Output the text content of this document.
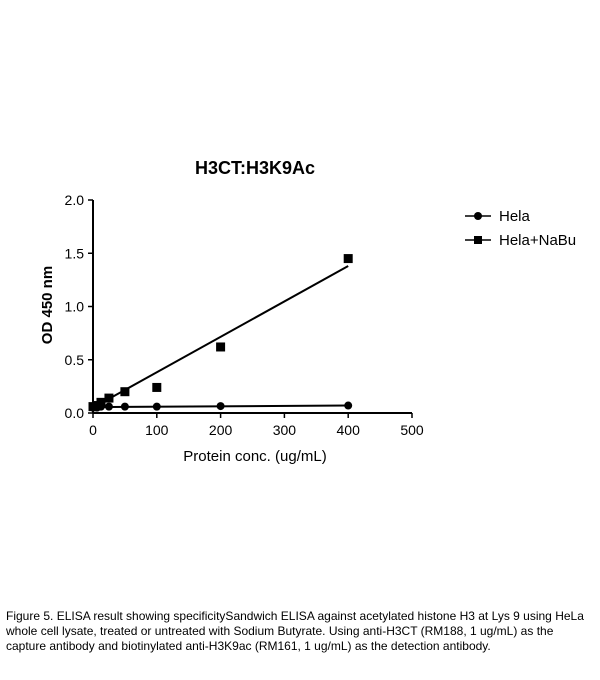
H3CT:H3K9Ac
0	100	200	300	400	500
0.0
0.5
1.0
1.5
2.0
Protein conc. (ug/mL)
OD 450 nm
Hela
Hela+NaBu
Figure 5. ELISA result showing specificitySandwich ELISA against acetylated histone H3 at Lys 9 using HeLa whole cell lysate, treated or untreated with Sodium Butyrate. Using anti-H3CT (RM188, 1 ug/mL) as the capture antibody and biotinylated anti-H3K9ac (RM161, 1 ug/mL) as the detection antibody.
